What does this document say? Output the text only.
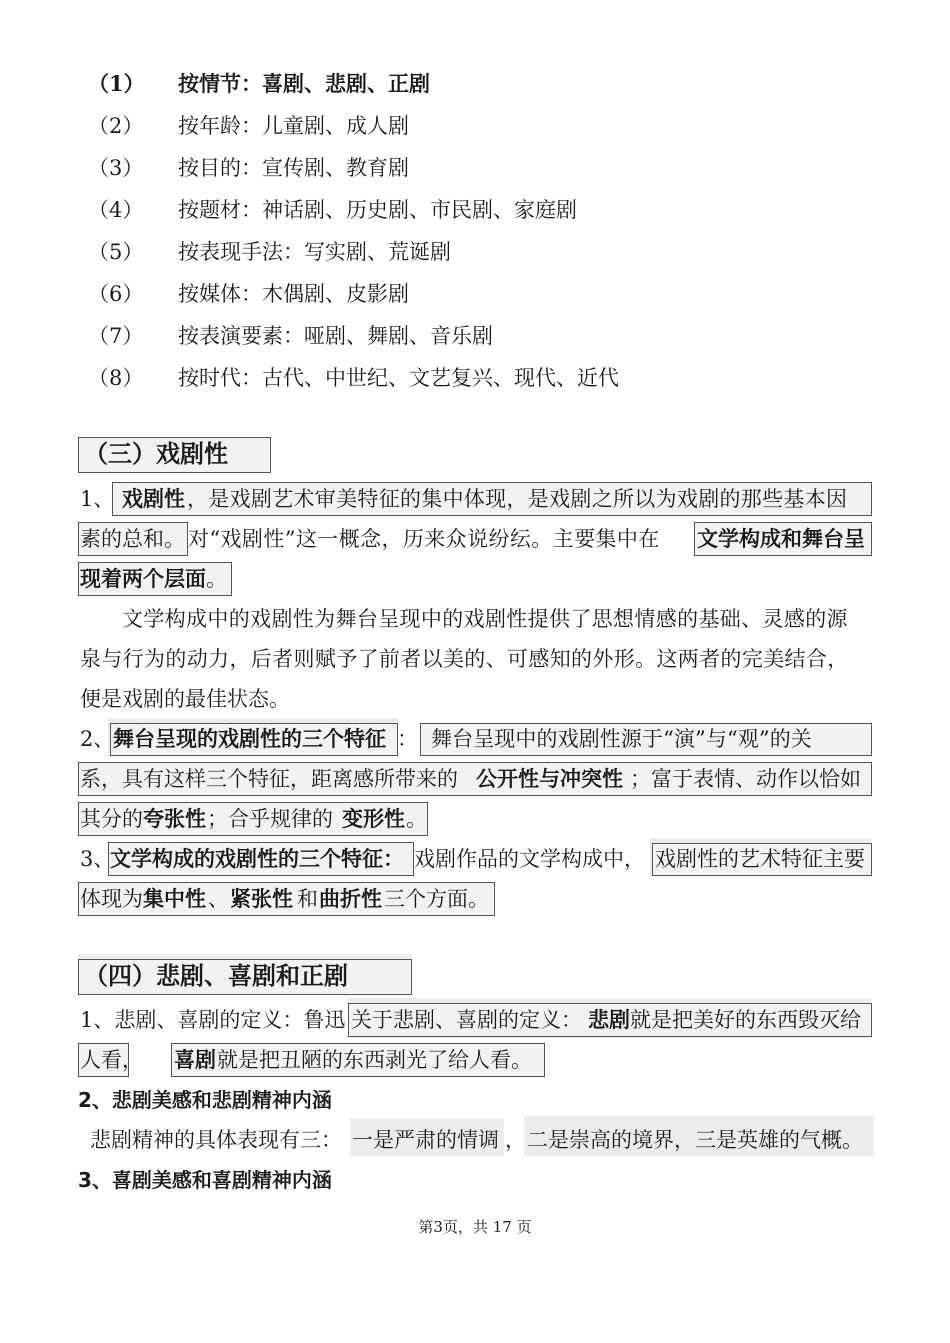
（1） 按情节：喜剧、悲剧、正剧
（2） 按年龄：儿童剧、成人剧
（3） 按目的：宣传剧、教育剧
（4） 按题材：神话剧、历史剧、市民剧、家庭剧
（5） 按表现手法：写实剧、荒诞剧
（6） 按媒体：木偶剧、皮影剧
（7） 按表演要素：哑剧、舞剧、音乐剧
（8） 按时代：古代、中世纪、文艺复兴、现代、近代
（三）戏剧性
1、 戏剧性 ，是戏剧艺术审美特征的集中体现，是戏剧之所以为戏剧的那些基本因
素的总和。 对“戏剧性”这一概念，历来众说纷纭。主要集中在 文学构成和舞台呈
现着两个层面 。
文学构成中的戏剧性为舞台呈现中的戏剧性提供了思想情感的基础、灵感的源
泉与行为的动力，后者则赋予了前者以美的、可感知的外形。这两者的完美结合，
便是戏剧的最佳状态。
2、
舞台呈现的戏剧性的三个特征 ： 舞台呈现中的戏剧性源于“演”与“观”的关
系，具有这样三个特征，距离感所带来的 公开性与冲突性 ；富于表情、动作以恰如
其分的 夸张性 ；合乎规律的 变形性 。
3、
文学构成的戏剧性的三个特征： 戏剧作品的文学构成中， 戏剧性的艺术特征主要
体现为 集中性 、 紧张性 和 曲折性 三个方面。
（四）悲剧、喜剧和正剧
1、悲剧、喜剧的定义：鲁迅 关于悲剧、喜剧的定义： 悲剧 就是把美好的东西毁灭给
人看， 喜剧 就是把丑陋的东西剥光了给人看。
2、悲剧美感和悲剧精神内涵
悲剧精神的具体表现有三： 一是严肃的情调 ， 二是崇高的境界，三是英雄的气概。
3、喜剧美感和喜剧精神内涵
第3页，共 17 页
